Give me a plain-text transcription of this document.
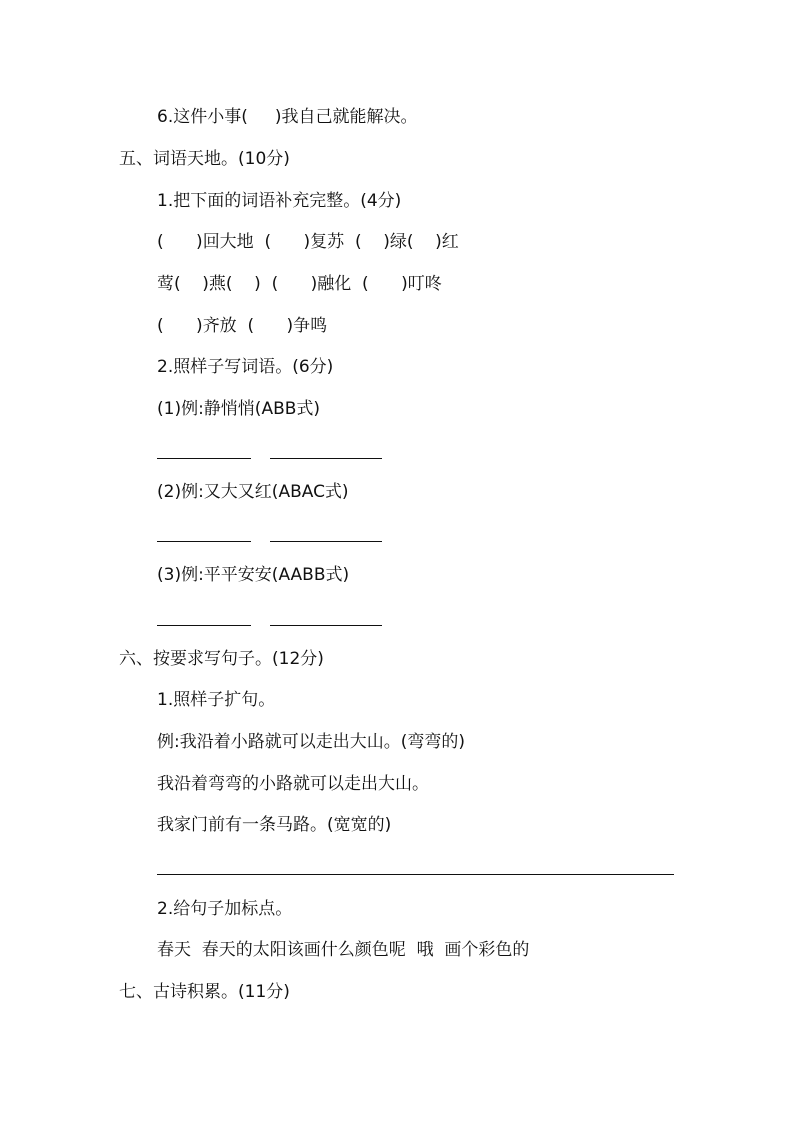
6.这件小事(     )我自己就能解决。
五、词语天地。(10分)
1.把下面的词语补充完整。(4分)
(      )回大地  (      )复苏  (    )绿(    )红
莺(    )燕(    )  (      )融化  (      )叮咚
(      )齐放  (      )争鸣
2.照样子写词语。(6分)
(1)例:静悄悄(ABB式)
(2)例:又大又红(ABAC式)
(3)例:平平安安(AABB式)
六、按要求写句子。(12分)
1.照样子扩句。
例:我沿着小路就可以走出大山。(弯弯的)
我沿着弯弯的小路就可以走出大山。
我家门前有一条马路。(宽宽的)
2.给句子加标点。
春天  春天的太阳该画什么颜色呢  哦  画个彩色的
七、古诗积累。(11分)
